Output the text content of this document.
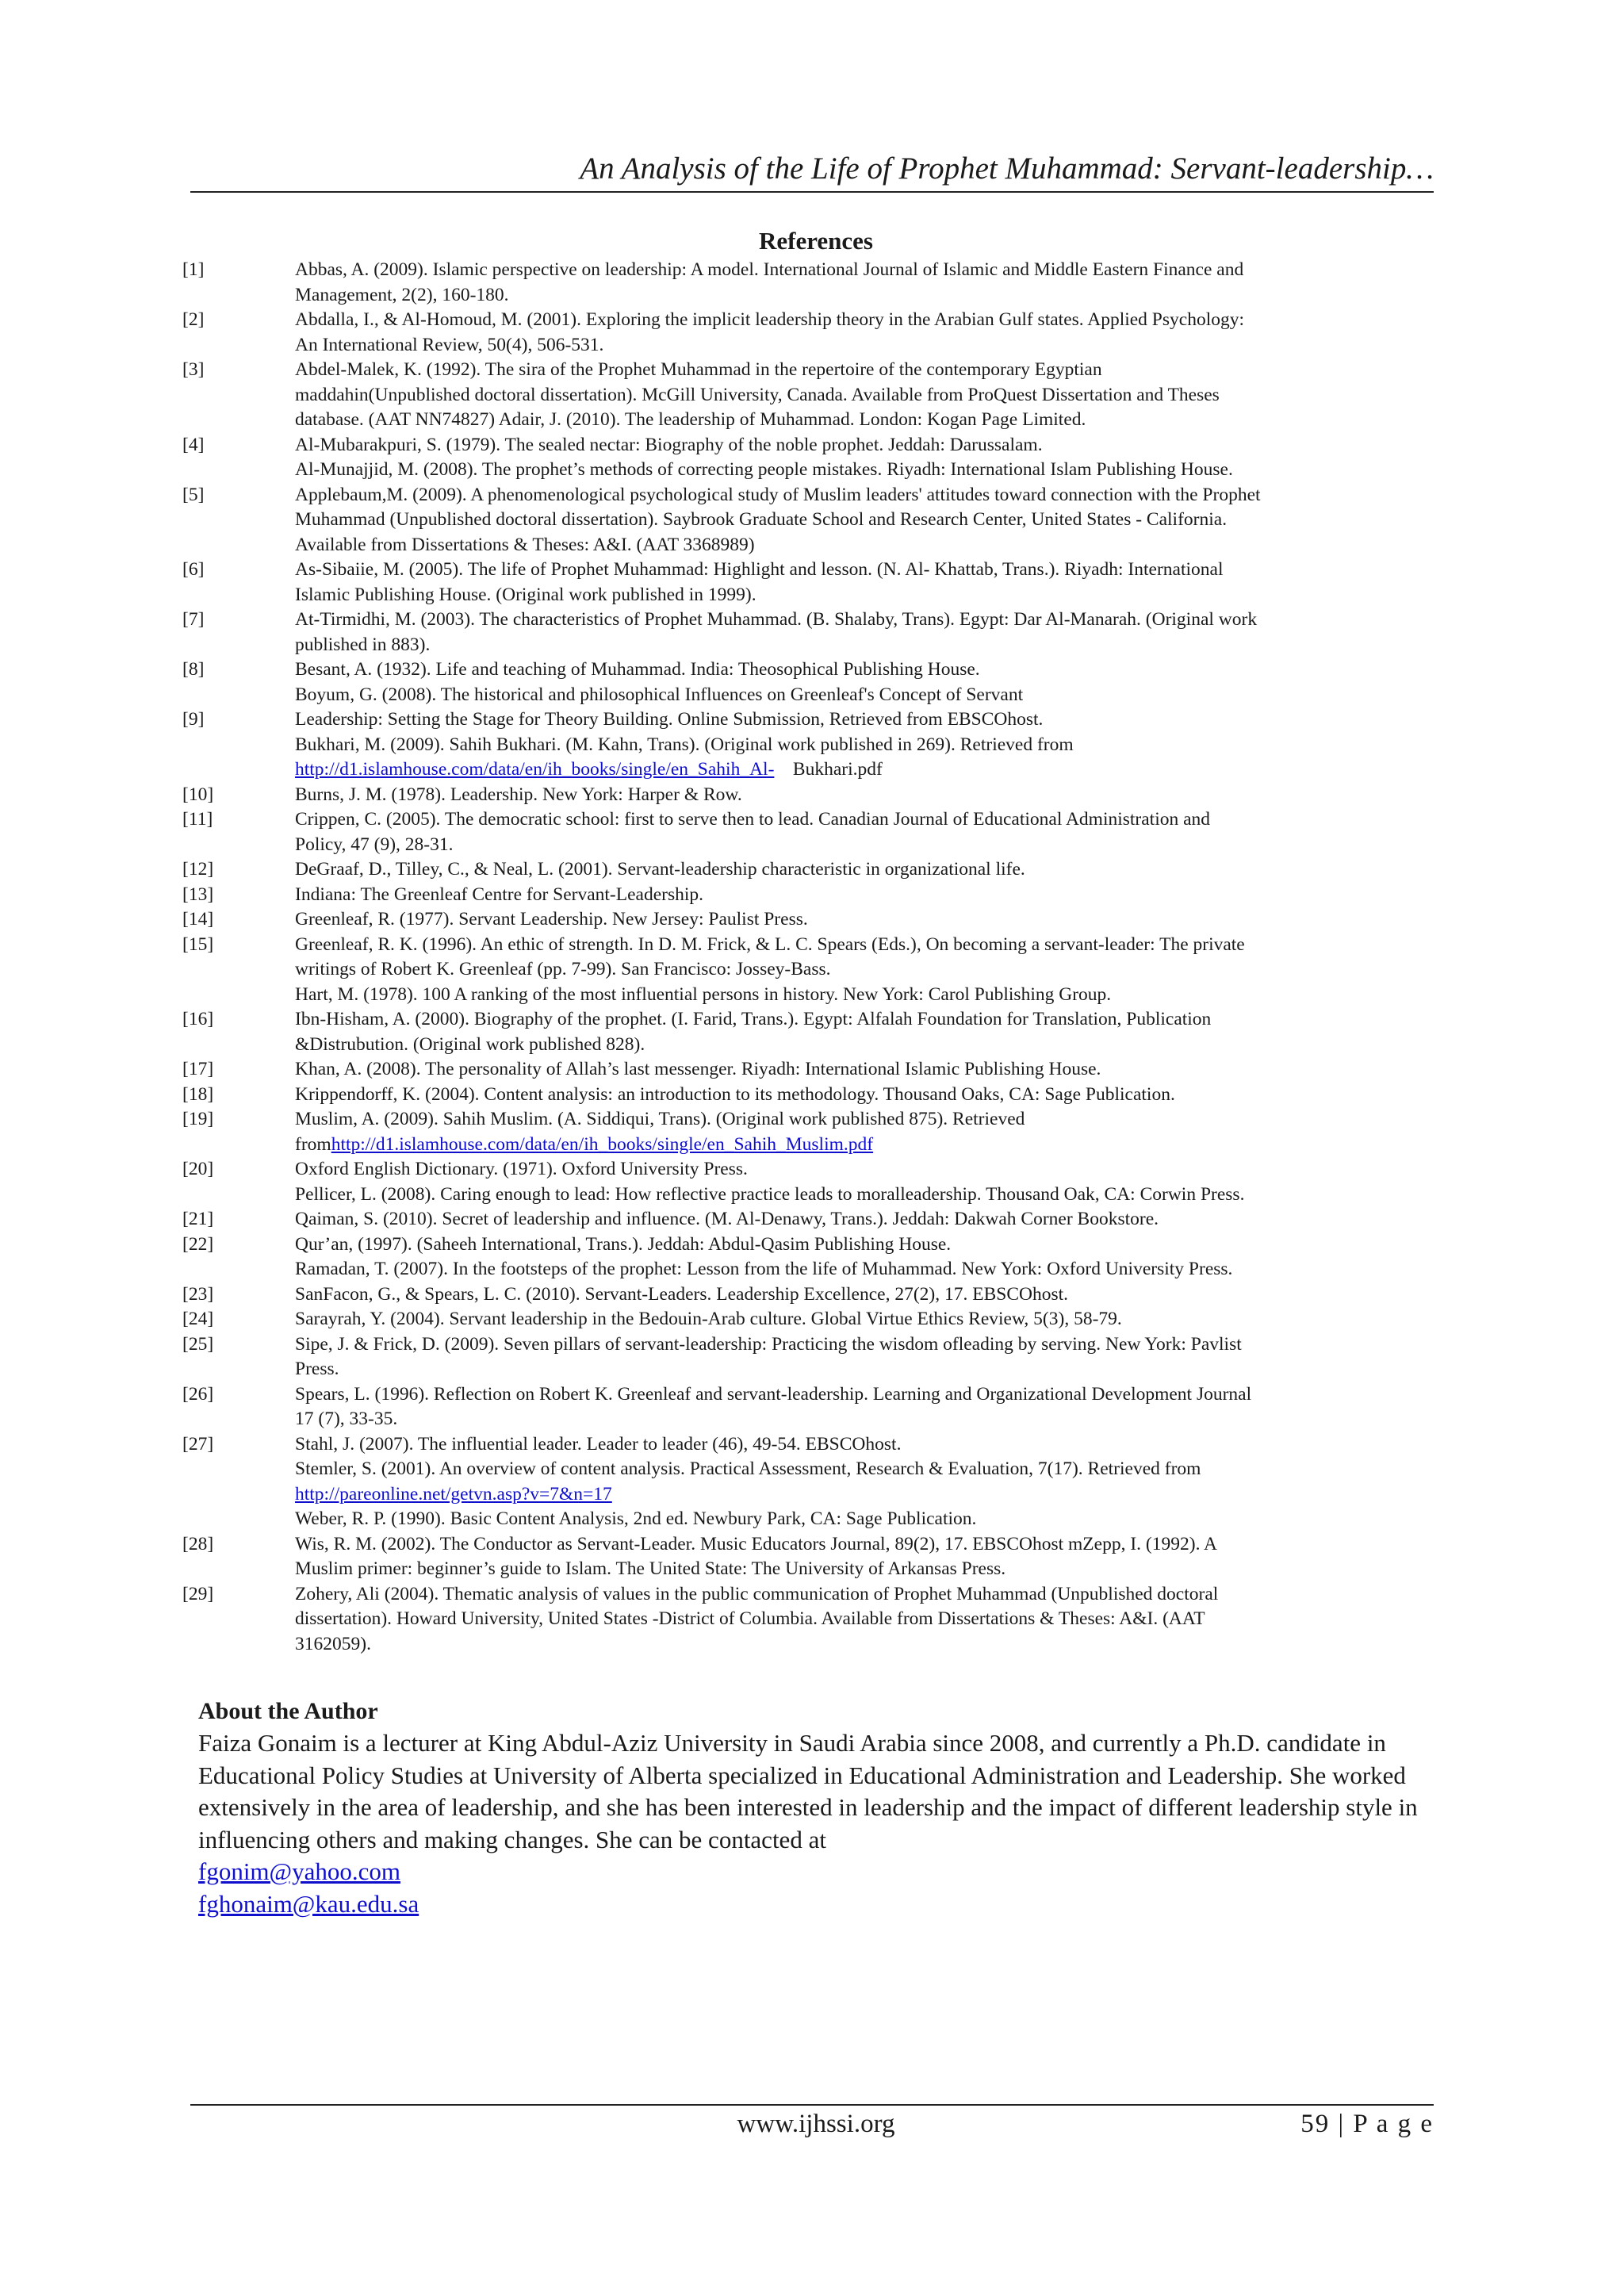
An Analysis of the Life of Prophet Muhammad: Servant-leadership…
References
[1]	Abbas, A. (2009). Islamic perspective on leadership: A model. International Journal of Islamic and Middle Eastern Finance and
Management, 2(2), 160-180.
[2]	Abdalla, I., & Al-Homoud, M. (2001). Exploring the implicit leadership theory in the Arabian Gulf states. Applied Psychology:
An International Review, 50(4), 506-531.
[3]	Abdel-Malek, K. (1992). The sira of the Prophet Muhammad in the repertoire of the contemporary Egyptian
maddahin(Unpublished doctoral dissertation). McGill University, Canada. Available from ProQuest Dissertation and Theses
database. (AAT NN74827) Adair, J. (2010). The leadership of Muhammad. London: Kogan Page Limited.
[4]	Al-Mubarakpuri, S. (1979). The sealed nectar: Biography of the noble prophet. Jeddah: Darussalam.
Al-Munajjid, M. (2008). The prophet’s methods of correcting people mistakes. Riyadh: International Islam Publishing House.
[5]	Applebaum,M. (2009). A phenomenological psychological study of Muslim leaders' attitudes toward connection with the Prophet
Muhammad (Unpublished doctoral dissertation). Saybrook Graduate School and Research Center, United States - California.
Available from Dissertations & Theses: A&I. (AAT 3368989)
[6]	As-Sibaiie, M. (2005). The life of Prophet Muhammad: Highlight and lesson. (N. Al- Khattab, Trans.). Riyadh: International
Islamic Publishing House. (Original work published in 1999).
[7]	At-Tirmidhi, M. (2003). The characteristics of Prophet Muhammad. (B. Shalaby, Trans). Egypt: Dar Al-Manarah. (Original work
published in 883).
[8]	Besant, A. (1932). Life and teaching of Muhammad. India: Theosophical Publishing House.
Boyum, G. (2008). The historical and philosophical Influences on Greenleaf's Concept of Servant
[9]	Leadership: Setting the Stage for Theory Building. Online Submission, Retrieved from EBSCOhost.
Bukhari, M. (2009). Sahih Bukhari. (M. Kahn, Trans). (Original work published in 269). Retrieved from
http://d1.islamhouse.com/data/en/ih_books/single/en_Sahih_Al-    Bukhari.pdf
[10]	Burns, J. M. (1978). Leadership. New York: Harper & Row.
[11]	Crippen, C. (2005). The democratic school: first to serve then to lead. Canadian Journal of Educational Administration and
Policy, 47 (9), 28-31.
[12]	DeGraaf, D., Tilley, C., & Neal, L. (2001). Servant-leadership characteristic in organizational life.
[13]	Indiana: The Greenleaf Centre for Servant-Leadership.
[14]	Greenleaf, R. (1977). Servant Leadership. New Jersey: Paulist Press.
[15]	Greenleaf, R. K. (1996). An ethic of strength. In D. M. Frick, & L. C. Spears (Eds.), On becoming a servant-leader: The private
writings of Robert K. Greenleaf (pp. 7-99). San Francisco: Jossey-Bass.
Hart, M. (1978). 100 A ranking of the most influential persons in history. New York: Carol Publishing Group.
[16]	Ibn-Hisham, A. (2000). Biography of the prophet. (I. Farid, Trans.). Egypt: Alfalah Foundation for Translation, Publication
&Distrubution. (Original work published 828).
[17]	Khan, A. (2008). The personality of Allah’s last messenger. Riyadh: International Islamic Publishing House.
[18]	Krippendorff, K. (2004). Content analysis: an introduction to its methodology. Thousand Oaks, CA: Sage Publication.
[19]	Muslim, A. (2009). Sahih Muslim. (A. Siddiqui, Trans). (Original work published 875). Retrieved
fromhttp://d1.islamhouse.com/data/en/ih_books/single/en_Sahih_Muslim.pdf
[20]	Oxford English Dictionary. (1971). Oxford University Press.
Pellicer, L. (2008). Caring enough to lead: How reflective practice leads to moralleadership. Thousand Oak, CA: Corwin Press.
[21]	Qaiman, S. (2010). Secret of leadership and influence. (M. Al-Denawy, Trans.). Jeddah: Dakwah Corner Bookstore.
[22]	Qur’an, (1997). (Saheeh International, Trans.). Jeddah: Abdul-Qasim Publishing House.
Ramadan, T. (2007). In the footsteps of the prophet: Lesson from the life of Muhammad. New York: Oxford University Press.
[23]	SanFacon, G., & Spears, L. C. (2010). Servant-Leaders. Leadership Excellence, 27(2), 17. EBSCOhost.
[24]	Sarayrah, Y. (2004). Servant leadership in the Bedouin-Arab culture. Global Virtue Ethics Review, 5(3), 58-79.
[25]	Sipe, J. & Frick, D. (2009). Seven pillars of servant-leadership: Practicing the wisdom ofleading by serving. New York: Pavlist
Press.
[26]	Spears, L. (1996). Reflection on Robert K. Greenleaf and servant-leadership. Learning and Organizational Development Journal
17 (7), 33-35.
[27]	Stahl, J. (2007). The influential leader. Leader to leader (46), 49-54. EBSCOhost.
Stemler, S. (2001). An overview of content analysis. Practical Assessment, Research & Evaluation, 7(17). Retrieved from
http://pareonline.net/getvn.asp?v=7&n=17
Weber, R. P. (1990). Basic Content Analysis, 2nd ed. Newbury Park, CA: Sage Publication.
[28]	Wis, R. M. (2002). The Conductor as Servant-Leader. Music Educators Journal, 89(2), 17. EBSCOhost mZepp, I. (1992). A
Muslim primer: beginner’s guide to Islam. The United State: The University of Arkansas Press.
[29]	Zohery, Ali (2004). Thematic analysis of values in the public communication of Prophet Muhammad (Unpublished doctoral
dissertation). Howard University, United States -District of Columbia. Available from Dissertations & Theses: A&I. (AAT
3162059).
About the Author
Faiza Gonaim is a lecturer at King Abdul-Aziz University in Saudi Arabia since 2008, and currently a Ph.D. candidate in Educational Policy Studies at University of Alberta specialized in Educational Administration and Leadership. She worked extensively in the area of leadership, and she has been interested in leadership and the impact of different leadership style in influencing others and making changes. She can be contacted at
fgonim@yahoo.com
fghonaim@kau.edu.sa
www.ijhssi.org	59 | P a g e
